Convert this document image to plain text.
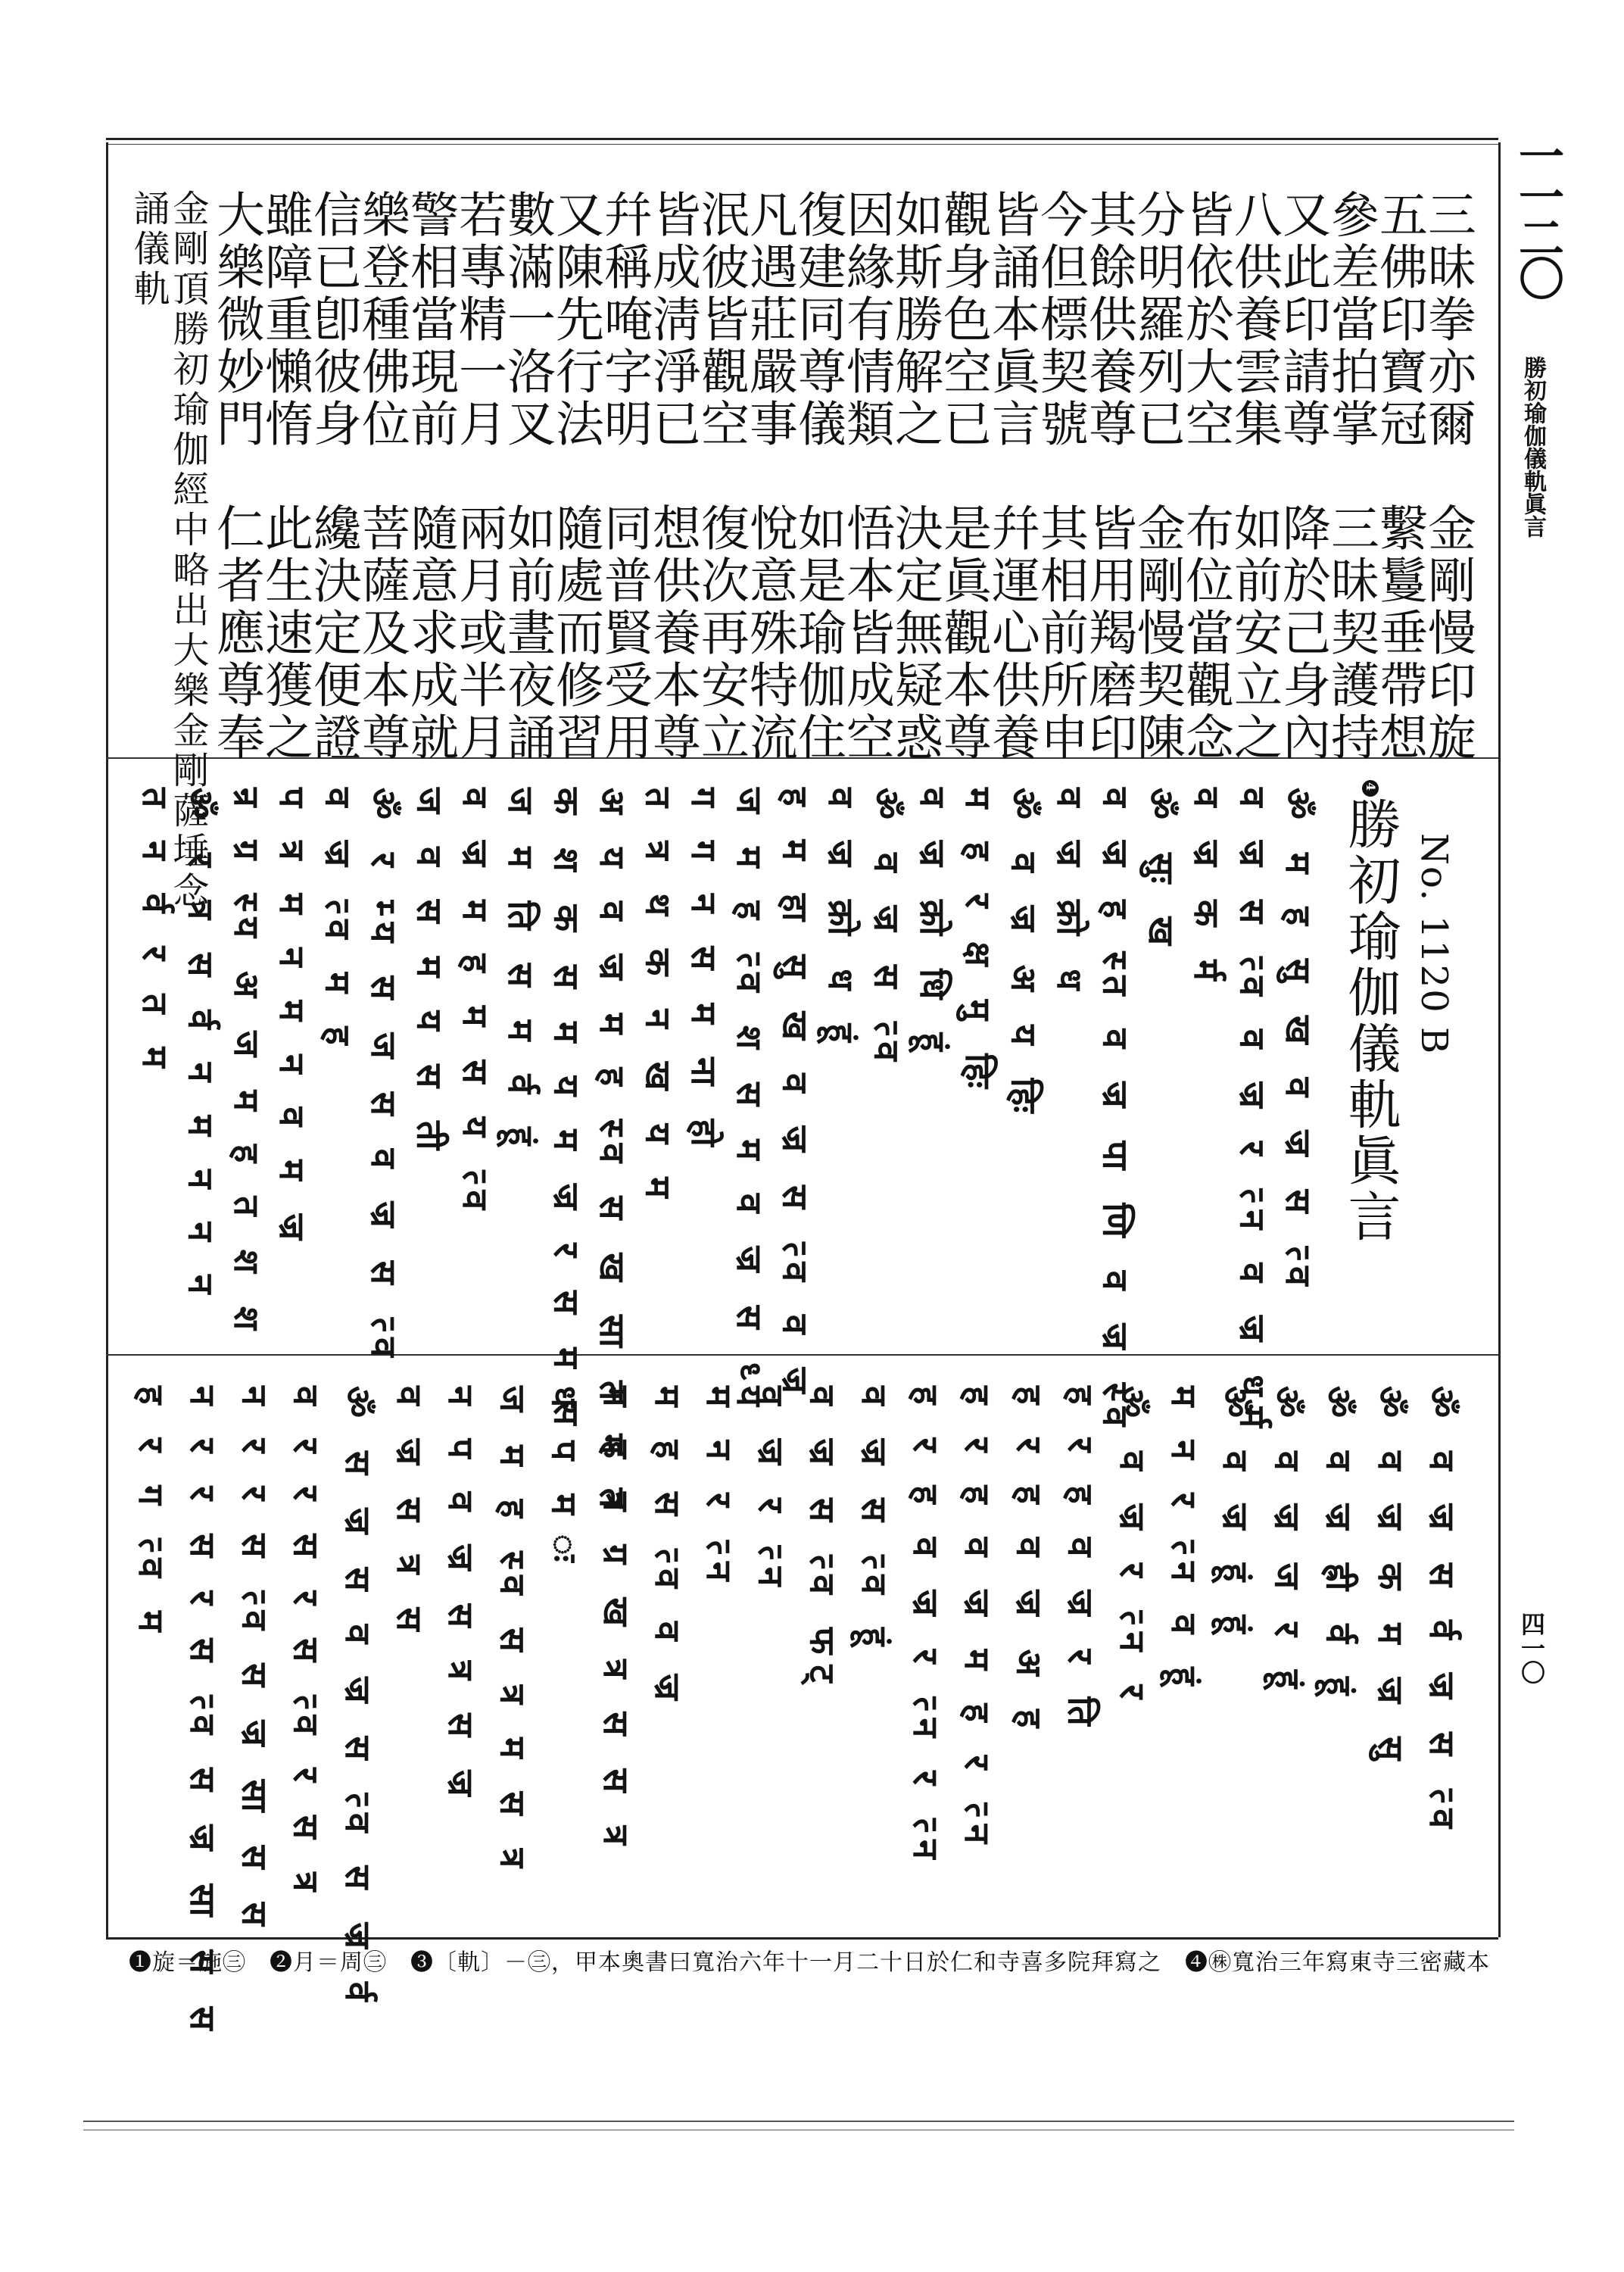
一一二〇
勝初瑜伽儀軌眞言
四一〇
三昧拳亦爾　金剛慢印旋
五佛印寶冠　繫鬘垂帶想
參差當拍掌　三昧契護持
又此印請尊　降於己身內
八供養雲集　如前安立之
皆依於大空　布位當觀念
分明羅列已　金剛慢契陳
其餘供養尊　皆用羯磨印
今但標契號　其相前所申
皆誦本眞言　幷運心供養
觀身色空已　是眞觀本尊
如斯勝解之　決定無疑惑
因緣有情類　悟本皆成空
復建同尊儀　如是瑜伽住
凡遇莊嚴事　悅意殊特流
泯彼皆觀空　復次再安立
皆成淸淨已　想供養本尊
幷稱唵字明　同普賢受用
又陳先行法　隨處而修習
數滿一洛叉　如前晝夜誦
若專精一月　兩月或半月
警相當現前　隨意求成就
樂登種佛位　菩薩及本尊
信已卽彼身　纔決定便證
雖障重懶惰　此生速獲之
大樂微妙門　仁者應尊奉
金剛頂勝初瑜伽經中略出大樂金剛薩埵念
誦儀軌
No. 1120 B
4勝初瑜伽儀軌眞言
ॐ म ह सु ख व ज्र स त्व
व ज्र स त्व व ज्र र त्न व ज्र धर्म
व ज्र क र्म
ॐ सुः ख
व ज्र ह स्त व ज्र पा णि व ज्र स्व
व ज्र क्रो ध
ॐ व ज्र अ य हिः
म ह र क्ष मु हिः
व ज्र क्रो धि हूं
ॐ व ज्र स त्व
व ज्र क्रो ध हूं
ह म हा सु ख व ज्र स त्व व ज्र
ज म ह त्व श स म व ज्र स ध्य
ग ग न स म ना हो
त त्र थ क न ख य म
अ य व ज्र म ह स्व स ख सा त म त
क श क स म य म ज्र र स म स
ज म ति स म र्व हूं
व ज्र म ह म स य त्व
ज व स म य स ती
ॐ र म्य स ज स व ज्र स त्व
व ज्र त्व म ह
प त्र म न म न व म ज्र
न्र ग्र स्य अ ज म ह त श श
ॐ र त्र स र्व न म न न न
त न र्व र त म
ॐ व ज्र स र्व ज्र स त्व
ॐ व ज्र क म ज्र सु
ॐ व ज्र ह्री र्व हूं
ॐ व ज्र ज र हूं
ॐ व ज्र हूं हूं
म न र त्न व हूं
ॐ व ज्र र त्न र
ह र ह व ज्र र ति
ह र ह व ज्र अ ह
ह र ह व ज्र म ह र त्न
ह र ह व ज्र र त्न र त्न
व ज्र स त्व हूं
व ज्र स त्व फट्
व ज्र र त्न
म न र त्न
म ह स त्व व ज्र
म ह त्र ग्र ख त्र स स त्र
ध प म ः
ज म ह स्व स त्र म स त्र
न प व ज्र स त्र स ज्र
व ज्र स त्र स
ॐ स ज्र स व ज्र स त्व स ज्र र्व
व र र स र स त्व र स त्र
न र र स त्व स ज्र सा स स
न र र स र स त्व स ज्र सा स स
ह र ग त्व म
❶旋＝施㊂　❷月＝周㊂　❸〔軌〕－㊂，甲本奧書曰寬治六年十一月二十日於仁和寺喜多院拜寫之　❹㊑寬治三年寫東寺三密藏本
